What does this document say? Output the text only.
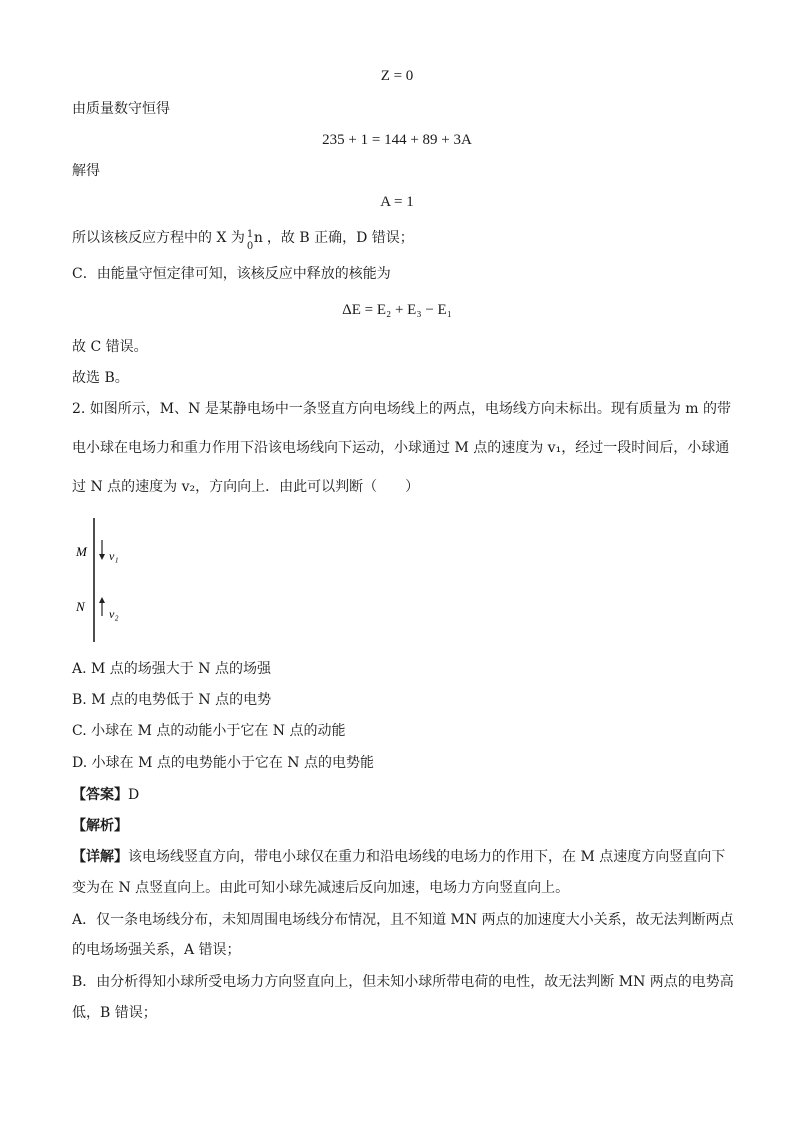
Z = 0
由质量数守恒得
235 + 1 = 144 + 89 + 3A
解得
A = 1
所以该核反应方程中的 X 为 1
0
n ，故 B 正确，D 错误；
C．由能量守恒定律可知，该核反应中释放的核能为
ΔE = E₂ + E₃ − E₁
故 C 错误。
故选 B。
2. 如图所示，M、N 是某静电场中一条竖直方向电场线上的两点，电场线方向未标出。现有质量为 m 的带
电小球在电场力和重力作用下沿该电场线向下运动，小球通过 M 点的速度为 v₁，经过一段时间后，小球通
过 N 点的速度为 v₂，方向向上．由此可以判断（　　）
M v₁
N v₂
A. M 点的场强大于 N 点的场强
B. M 点的电势低于 N 点的电势
C. 小球在 M 点的动能小于它在 N 点的动能
D. 小球在 M 点的电势能小于它在 N 点的电势能
【答案】D
【解析】
【详解】该电场线竖直方向，带电小球仅在重力和沿电场线的电场力的作用下，在 M 点速度方向竖直向下
变为在 N 点竖直向上。由此可知小球先减速后反向加速，电场力方向竖直向上。
A．仅一条电场线分布，未知周围电场线分布情况，且不知道 MN 两点的加速度大小关系，故无法判断两点
的电场场强关系，A 错误；
B．由分析得知小球所受电场力方向竖直向上，但未知小球所带电荷的电性，故无法判断 MN 两点的电势高
低，B 错误；
